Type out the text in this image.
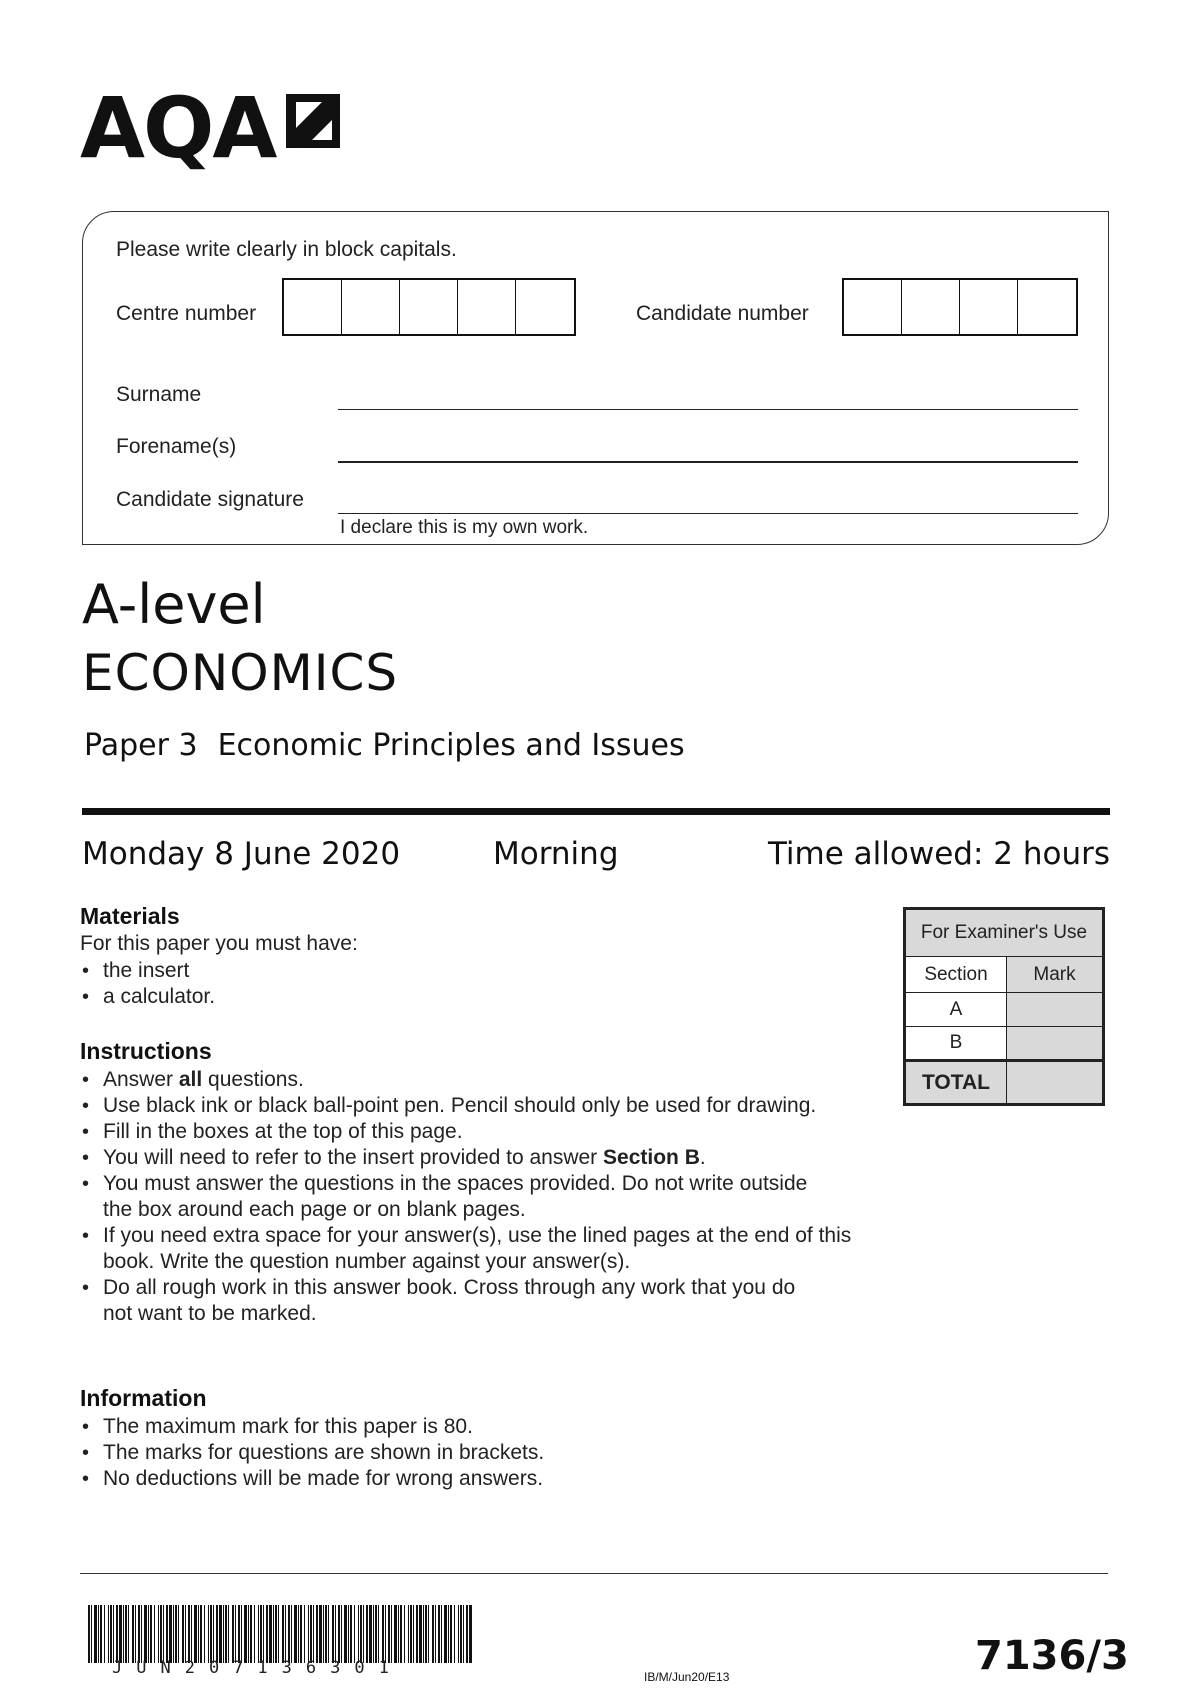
AQA
Please write clearly in block capitals.
Centre number	Candidate number
Surname
Forename(s)
Candidate signature
I declare this is my own work.
A-level
ECONOMICS
Paper 3 Economic Principles and Issues
Monday 8 June 2020	Morning	Time allowed: 2 hours
Materials
For this paper you must have:
• the insert
• a calculator.
Instructions
• Answer all questions.
• Use black ink or black ball-point pen. Pencil should only be used for drawing.
• Fill in the boxes at the top of this page.
• You will need to refer to the insert provided to answer Section B.
• You must answer the questions in the spaces provided. Do not write outside the box around each page or on blank pages.
• If you need extra space for your answer(s), use the lined pages at the end of this book. Write the question number against your answer(s).
• Do all rough work in this answer book. Cross through any work that you do not want to be marked.
Information
• The maximum mark for this paper is 80.
• The marks for questions are shown in brackets.
• No deductions will be made for wrong answers.
For Examiner's Use	
Section	Mark
A	
B	
TOTAL	
JUN207136301	IB/M/Jun20/E13	7136/3
